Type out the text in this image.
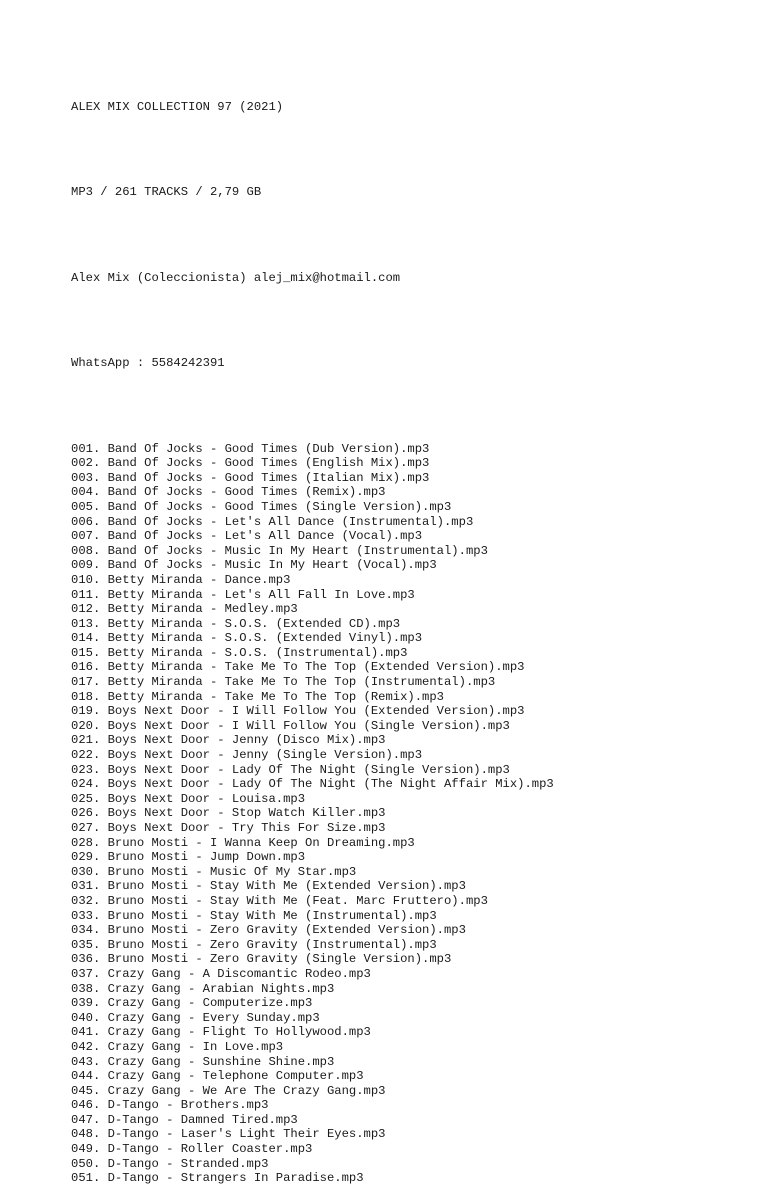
ALEX MIX COLLECTION 97 (2021)

MP3 / 261 TRACKS / 2,79 GB

Alex Mix (Coleccionista) alej_mix@hotmail.com

WhatsApp : 5584242391

001. Band Of Jocks - Good Times (Dub Version).mp3
002. Band Of Jocks - Good Times (English Mix).mp3
003. Band Of Jocks - Good Times (Italian Mix).mp3
004. Band Of Jocks - Good Times (Remix).mp3
005. Band Of Jocks - Good Times (Single Version).mp3
006. Band Of Jocks - Let's All Dance (Instrumental).mp3
007. Band Of Jocks - Let's All Dance (Vocal).mp3
008. Band Of Jocks - Music In My Heart (Instrumental).mp3
009. Band Of Jocks - Music In My Heart (Vocal).mp3
010. Betty Miranda - Dance.mp3
011. Betty Miranda - Let's All Fall In Love.mp3
012. Betty Miranda - Medley.mp3
013. Betty Miranda - S.O.S. (Extended CD).mp3
014. Betty Miranda - S.O.S. (Extended Vinyl).mp3
015. Betty Miranda - S.O.S. (Instrumental).mp3
016. Betty Miranda - Take Me To The Top (Extended Version).mp3
017. Betty Miranda - Take Me To The Top (Instrumental).mp3
018. Betty Miranda - Take Me To The Top (Remix).mp3
019. Boys Next Door - I Will Follow You (Extended Version).mp3
020. Boys Next Door - I Will Follow You (Single Version).mp3
021. Boys Next Door - Jenny (Disco Mix).mp3
022. Boys Next Door - Jenny (Single Version).mp3
023. Boys Next Door - Lady Of The Night (Single Version).mp3
024. Boys Next Door - Lady Of The Night (The Night Affair Mix).mp3
025. Boys Next Door - Louisa.mp3
026. Boys Next Door - Stop Watch Killer.mp3
027. Boys Next Door - Try This For Size.mp3
028. Bruno Mosti - I Wanna Keep On Dreaming.mp3
029. Bruno Mosti - Jump Down.mp3
030. Bruno Mosti - Music Of My Star.mp3
031. Bruno Mosti - Stay With Me (Extended Version).mp3
032. Bruno Mosti - Stay With Me (Feat. Marc Fruttero).mp3
033. Bruno Mosti - Stay With Me (Instrumental).mp3
034. Bruno Mosti - Zero Gravity (Extended Version).mp3
035. Bruno Mosti - Zero Gravity (Instrumental).mp3
036. Bruno Mosti - Zero Gravity (Single Version).mp3
037. Crazy Gang - A Discomantic Rodeo.mp3
038. Crazy Gang - Arabian Nights.mp3
039. Crazy Gang - Computerize.mp3
040. Crazy Gang - Every Sunday.mp3
041. Crazy Gang - Flight To Hollywood.mp3
042. Crazy Gang - In Love.mp3
043. Crazy Gang - Sunshine Shine.mp3
044. Crazy Gang - Telephone Computer.mp3
045. Crazy Gang - We Are The Crazy Gang.mp3
046. D-Tango - Brothers.mp3
047. D-Tango - Damned Tired.mp3
048. D-Tango - Laser's Light Their Eyes.mp3
049. D-Tango - Roller Coaster.mp3
050. D-Tango - Stranded.mp3
051. D-Tango - Strangers In Paradise.mp3
